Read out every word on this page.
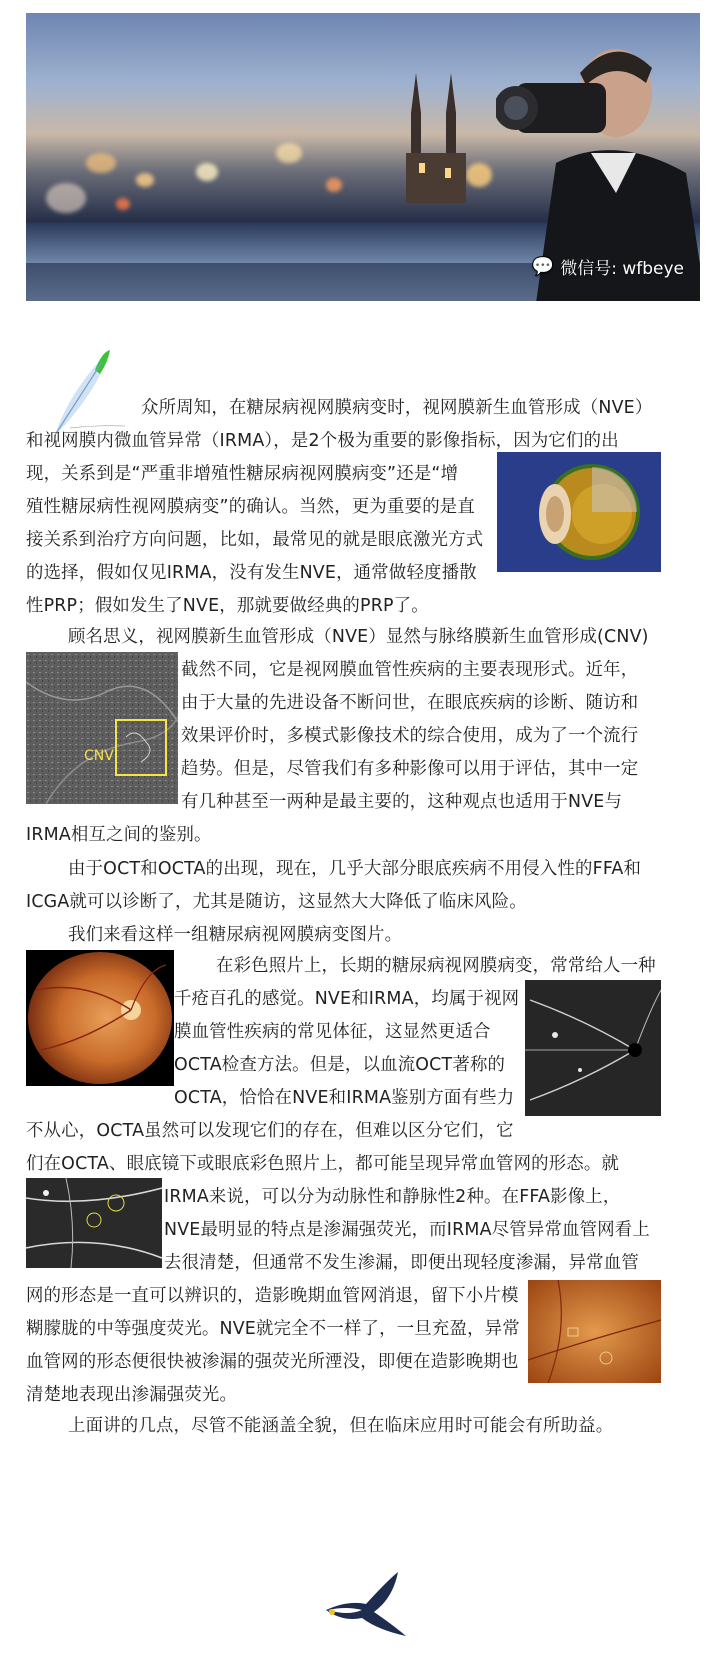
💬 微信号: wfbeye
众所周知，在糖尿病视网膜病变时，视网膜新生血管形成（NVE）
和视网膜内微血管异常（IRMA），是2个极为重要的影像指标，因为它们的出
现，关系到是“严重非增殖性糖尿病视网膜病变”还是“增
殖性糖尿病性视网膜病变”的确认。当然，更为重要的是直
接关系到治疗方向问题，比如，最常见的就是眼底激光方式
的选择，假如仅见IRMA，没有发生NVE，通常做轻度播散
性PRP；假如发生了NVE，那就要做经典的PRP了。
顾名思义，视网膜新生血管形成（NVE）显然与脉络膜新生血管形成(CNV)
截然不同，它是视网膜血管性疾病的主要表现形式。近年，
由于大量的先进设备不断问世，在眼底疾病的诊断、随访和
效果评价时，多模式影像技术的综合使用，成为了一个流行
趋势。但是，尽管我们有多种影像可以用于评估，其中一定
有几种甚至一两种是最主要的，这种观点也适用于NVE与
IRMA相互之间的鉴别。
CNV
由于OCT和OCTA的出现，现在，几乎大部分眼底疾病不用侵入性的FFA和
ICGA就可以诊断了，尤其是随访，这显然大大降低了临床风险。
我们来看这样一组糖尿病视网膜病变图片。
在彩色照片上，长期的糖尿病视网膜病变，常常给人一种
千疮百孔的感觉。NVE和IRMA，均属于视网
膜血管性疾病的常见体征，这显然更适合
OCTA检查方法。但是，以血流OCT著称的
OCTA，恰恰在NVE和IRMA鉴别方面有些力
不从心，OCTA虽然可以发现它们的存在，但难以区分它们，它
们在OCTA、眼底镜下或眼底彩色照片上，都可能呈现异常血管网的形态。就
IRMA来说，可以分为动脉性和静脉性2种。在FFA影像上，
NVE最明显的特点是渗漏强荧光，而IRMA尽管异常血管网看上
去很清楚，但通常不发生渗漏，即便出现轻度渗漏，异常血管
网的形态是一直可以辨识的，造影晚期血管网消退，留下小片模
糊朦胧的中等强度荧光。NVE就完全不一样了，一旦充盈，异常
血管网的形态便很快被渗漏的强荧光所湮没，即便在造影晚期也
清楚地表现出渗漏强荧光。
上面讲的几点，尽管不能涵盖全貌，但在临床应用时可能会有所助益。
